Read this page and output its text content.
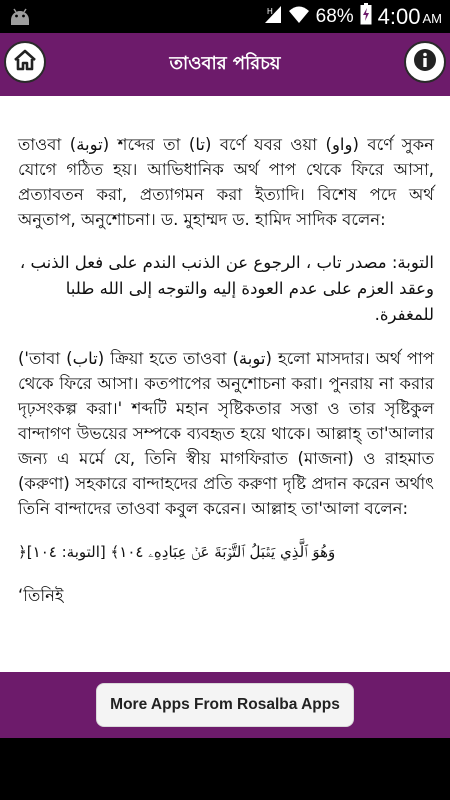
H 68% 4:00 AM
তাওবার পরিচয়

তাওবা (توبة) শব্দের তা (تا) বর্ণে যবর ওয়া (واو) বর্ণে সুকন যোগে গঠিত হয়। আভিধানিক অর্থ পাপ থেকে ফিরে আসা, প্রত্যাবতন করা, প্রত্যাগমন করা ইত্যাদি। বিশেষ পদে অর্থ অনুতাপ, অনুশোচনা। ড. মুহাম্মদ ড. হামিদ সাদিক বলেন:

التوبة: مصدر تاب ، الرجوع عن الذنب الندم على فعل الذنب ، وعقد العزم على عدم العودة إليه والتوجه إلى الله طلبا للمغفرة.

('তাবা (تاب) ক্রিয়া হতে তাওবা (توبة) হলো মাসদার। অর্থ পাপ থেকে ফিরে আসা। কতপাপের অনুশোচনা করা। পুনরায় না করার দৃঢ়সংকল্প করা।' শব্দটি মহান সৃষ্টিকতার সত্তা ও তার সৃষ্টিকুল বান্দাগণ উভয়ের সম্পকে ব্যবহৃত হয়ে থাকে। আল্লাহ্‌ তা'আলার জন্য এ মর্মে যে, তিনি স্বীয় মাগফিরাত (মাজনা) ও রাহমাত (করুণা) সহকারে বান্দাহদের প্রতি করুণা দৃষ্টি প্রদান করেন অর্থাৎ তিনি বান্দাদের তাওবা কবুল করেন। আল্লাহ তা'আলা বলেন:

﴿وَهُوَ ٱلَّذِي يَقۡبَلُ ٱلتَّوۡبَةَ عَنۡ عِبَادِهِۦ ١٠٤﴾ [التوبة: ١٠٤]

‘তিনিই

More Apps From Rosalba Apps
